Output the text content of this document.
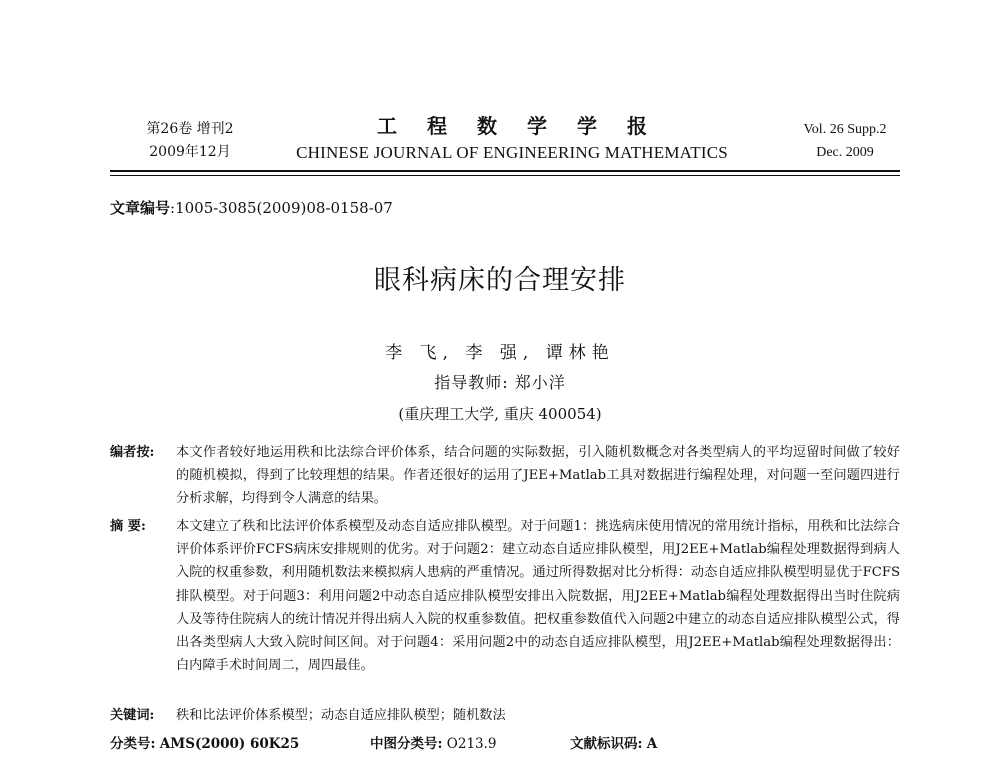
第26卷 增刊2
2009年12月
工程数学学报
CHINESE JOURNAL OF ENGINEERING MATHEMATICS
Vol. 26 Supp.2
Dec. 2009
文章编号:1005-3085(2009)08-0158-07
眼科病床的合理安排
李 飞, 李 强, 谭林艳
指导教师: 郑小洋
(重庆理工大学, 重庆 400054)
编者按:	本文作者较好地运用秩和比法综合评价体系，结合问题的实际数据，引入随机数概念对各类型病人的平均逗留时间做了较好的随机模拟，得到了比较理想的结果。作者还很好的运用了JEE+Matlab工具对数据进行编程处理，对问题一至问题四进行分析求解，均得到令人满意的结果。
摘 要:	本文建立了秩和比法评价体系模型及动态自适应排队模型。对于问题1：挑选病床使用情况的常用统计指标，用秩和比法综合评价体系评价FCFS病床安排规则的优劣。对于问题2：建立动态自适应排队模型，用J2EE+Matlab编程处理数据得到病人入院的权重参数，利用随机数法来模拟病人患病的严重情况。通过所得数据对比分析得：动态自适应排队模型明显优于FCFS排队模型。对于问题3：利用问题2中动态自适应排队模型安排出入院数据，用J2EE+Matlab编程处理数据得出当时住院病人及等待住院病人的统计情况并得出病人入院的权重参数值。把权重参数值代入问题2中建立的动态自适应排队模型公式，得出各类型病人大致入院时间区间。对于问题4：采用问题2中的动态自适应排队模型，用J2EE+Matlab编程处理数据得出：白内障手术时间周二，周四最佳。
关键词:	秩和比法评价体系模型；动态自适应排队模型；随机数法
分类号: AMS(2000) 60K25	中图分类号: O213.9	文献标识码: A
